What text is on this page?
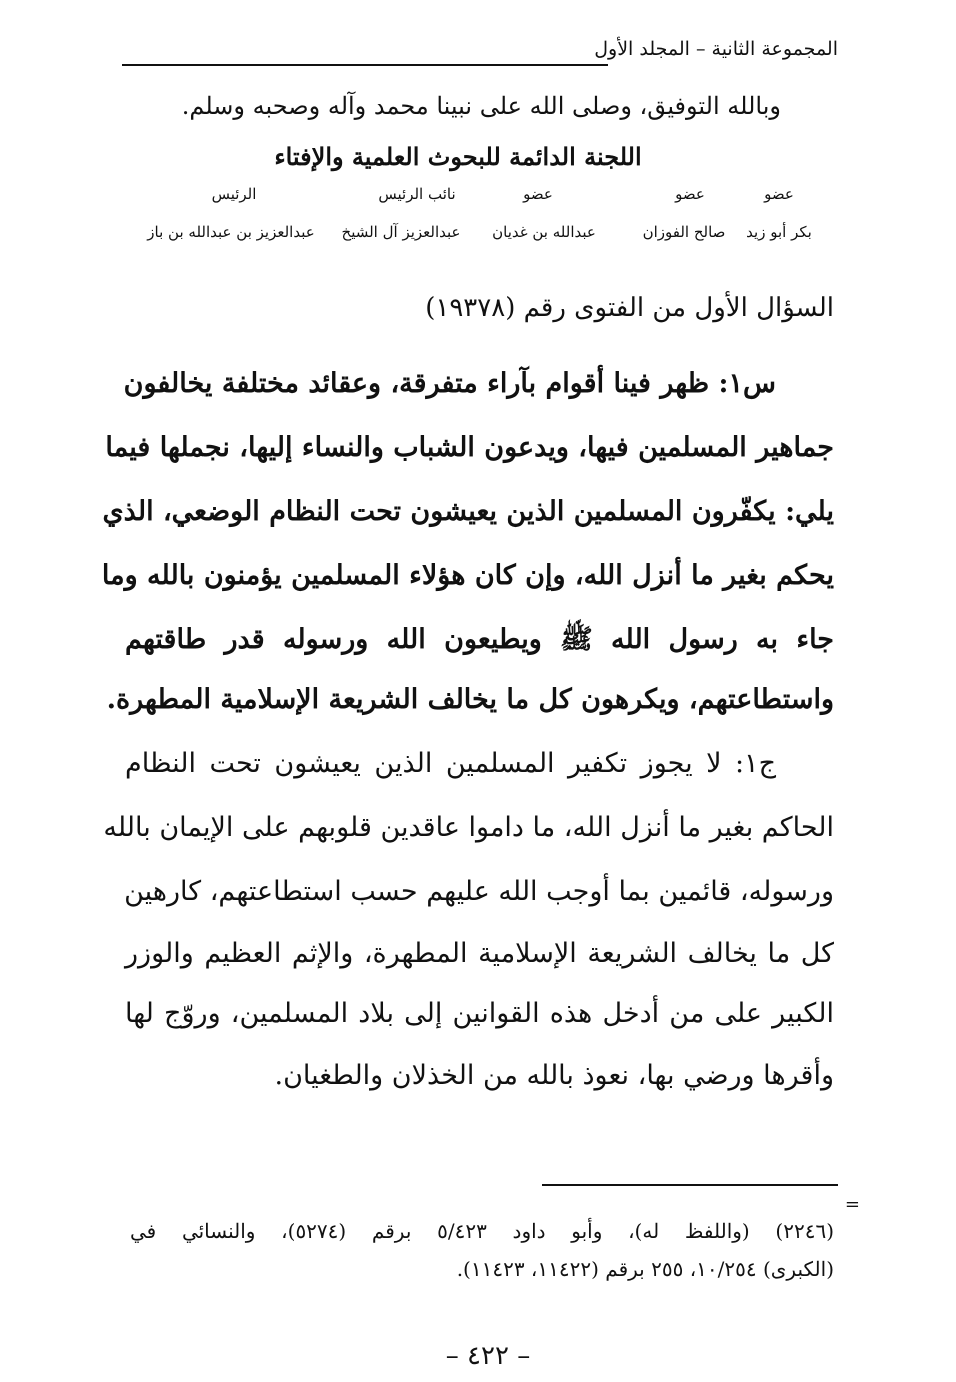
المجموعة الثانية – المجلد الأول
وبالله التوفيق، وصلى الله على نبينا محمد وآله وصحبه وسلم.
اللجنة الدائمة للبحوث العلمية والإفتاء
عضو
عضو
عضو
نائب الرئيس
الرئيس
بكر أبو زيد
صالح الفوزان
عبدالله بن غديان
عبدالعزيز آل الشيخ
عبدالعزيز بن عبدالله بن باز
السؤال الأول من الفتوى رقم (١٩٣٧٨)
س١: ظهر فينا أقوام بآراء متفرقة، وعقائد مختلفة يخالفون
جماهير المسلمين فيها، ويدعون الشباب والنساء إليها، نجملها فيما
يلي: يكفّرون المسلمين الذين يعيشون تحت النظام الوضعي، الذي
يحكم بغير ما أنزل الله، وإن كان هؤلاء المسلمين يؤمنون بالله وما
جاء به رسول الله ﷺ ويطيعون الله ورسوله قدر طاقتهم
واستطاعتهم، ويكرهون كل ما يخالف الشريعة الإسلامية المطهرة.
ج١: لا يجوز تكفير المسلمين الذين يعيشون تحت النظام
الحاكم بغير ما أنزل الله، ما داموا عاقدين قلوبهم على الإيمان بالله
ورسوله، قائمين بما أوجب الله عليهم حسب استطاعتهم، كارهين
كل ما يخالف الشريعة الإسلامية المطهرة، والإثم العظيم والوزر
الكبير على من أدخل هذه القوانين إلى بلاد المسلمين، وروّج لها
وأقرها ورضي بها، نعوذ بالله من الخذلان والطغيان.
=
(٢٢٤٦) (واللفظ له)، وأبو داود ٥/٤٢٣ برقم (٥٢٧٤)، والنسائي في
(الكبرى) ١٠/٢٥٤، ٢٥٥ برقم (١١٤٢٢، ١١٤٢٣).
– ٤٢٢ –
